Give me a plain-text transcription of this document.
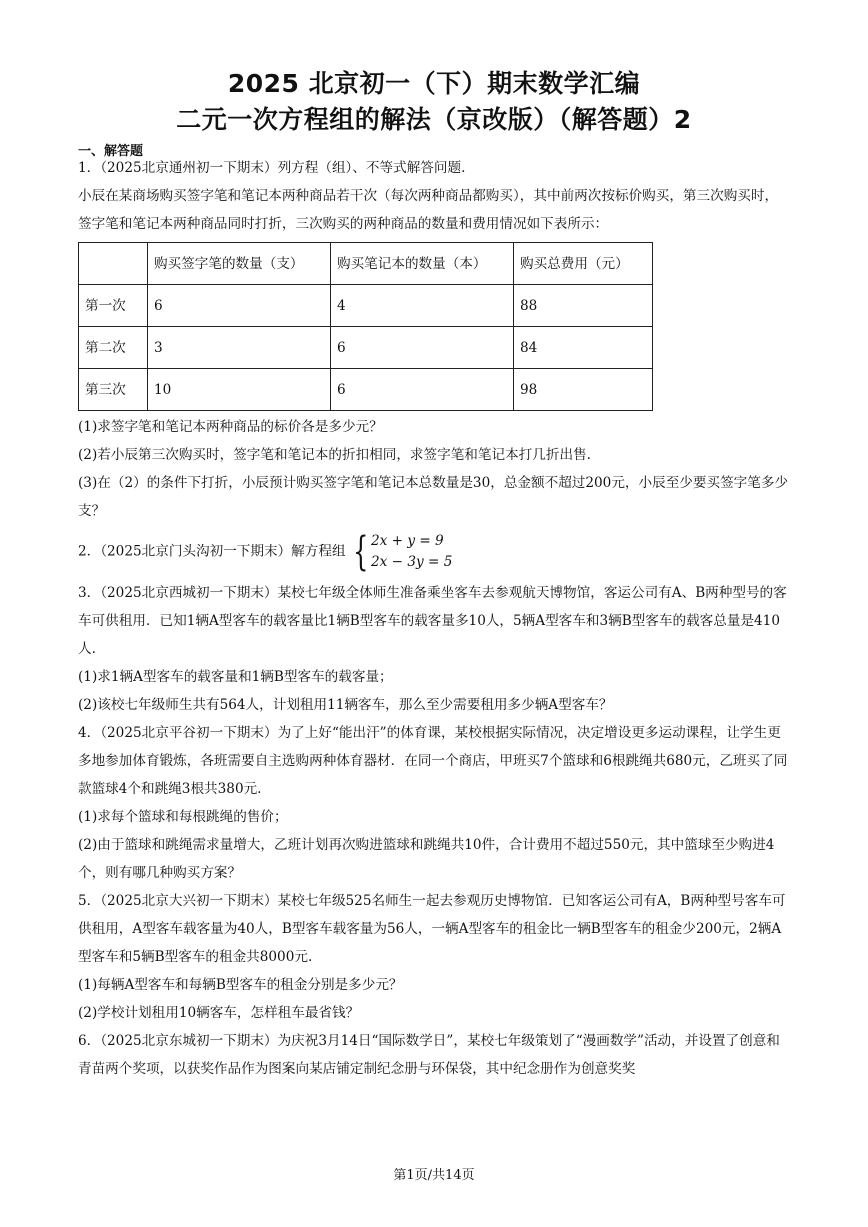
2025 北京初一（下）期末数学汇编
二元一次方程组的解法（京改版）（解答题）2
一、解答题

1．（2025北京通州初一下期末）列方程（组）、不等式解答问题.

小辰在某商场购买签字笔和笔记本两种商品若干次（每次两种商品都购买），其中前两次按标价购买，第三次购买时，签字笔和笔记本两种商品同时打折，三次购买的两种商品的数量和费用情况如下表所示：

	购买签字笔的数量（支）	购买笔记本的数量（本）	购买总费用（元）
第一次	6	4	88
第二次	3	6	84
第三次	10	6	98

(1)求签字笔和笔记本两种商品的标价各是多少元？

(2)若小辰第三次购买时，签字笔和笔记本的折扣相同，求签字笔和笔记本打几折出售.

(3)在（2）的条件下打折，小辰预计购买签字笔和笔记本总数量是30，总金额不超过200元，小辰至少要买签字笔多少支？

2．（2025北京门头沟初一下期末）解方程组 { 2x + y = 9
2x − 3y = 5

3．（2025北京西城初一下期末）某校七年级全体师生准备乘坐客车去参观航天博物馆，客运公司有A、B两种型号的客车可供租用．已知1辆A型客车的载客量比1辆B型客车的载客量多10人，5辆A型客车和3辆B型客车的载客总量是410人.

(1)求1辆A型客车的载客量和1辆B型客车的载客量；

(2)该校七年级师生共有564人，计划租用11辆客车，那么至少需要租用多少辆A型客车？

4．（2025北京平谷初一下期末）为了上好“能出汗”的体育课，某校根据实际情况，决定增设更多运动课程，让学生更多地参加体育锻炼，各班需要自主选购两种体育器材．在同一个商店，甲班买7个篮球和6根跳绳共680元，乙班买了同款篮球4个和跳绳3根共380元.

(1)求每个篮球和每根跳绳的售价；

(2)由于篮球和跳绳需求量增大，乙班计划再次购进篮球和跳绳共10件，合计费用不超过550元，其中篮球至少购进4个，则有哪几种购买方案？

5．（2025北京大兴初一下期末）某校七年级525名师生一起去参观历史博物馆．已知客运公司有A，B两种型号客车可供租用，A型客车载客量为40人，B型客车载客量为56人，一辆A型客车的租金比一辆B型客车的租金少200元，2辆A型客车和5辆B型客车的租金共8000元.

(1)每辆A型客车和每辆B型客车的租金分别是多少元？

(2)学校计划租用10辆客车，怎样租车最省钱？

6．（2025北京东城初一下期末）为庆祝3月14日“国际数学日”，某校七年级策划了“漫画数学”活动，并设置了创意和青苗两个奖项，以获奖作品作为图案向某店铺定制纪念册与环保袋，其中纪念册作为创意奖奖

第1页/共14页
